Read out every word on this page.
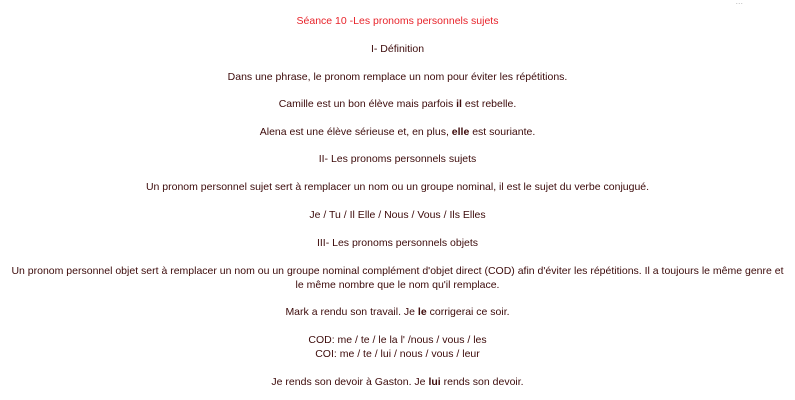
...
Séance 10 -Les pronoms personnels sujets
I- Définition
Dans une phrase, le pronom remplace un nom pour éviter les répétitions.
Camille est un bon élève mais parfois il est rebelle.
Alena est une élève sérieuse et, en plus, elle est souriante.
II- Les pronoms personnels sujets
Un pronom personnel sujet sert à remplacer un nom ou un groupe nominal, il est le sujet du verbe conjugué.
Je / Tu / Il Elle / Nous / Vous / Ils Elles
III- Les pronoms personnels objets
Un pronom personnel objet sert à remplacer un nom ou un groupe nominal complément d'objet direct (COD) afin d'éviter les répétitions. Il a toujours le même genre et le même nombre que le nom qu'il remplace.
Mark a rendu son travail. Je le corrigerai ce soir.
COD: me / te / le la l' /nous / vous / les
COI: me / te / lui / nous / vous / leur
Je rends son devoir à Gaston. Je lui rends son devoir.
